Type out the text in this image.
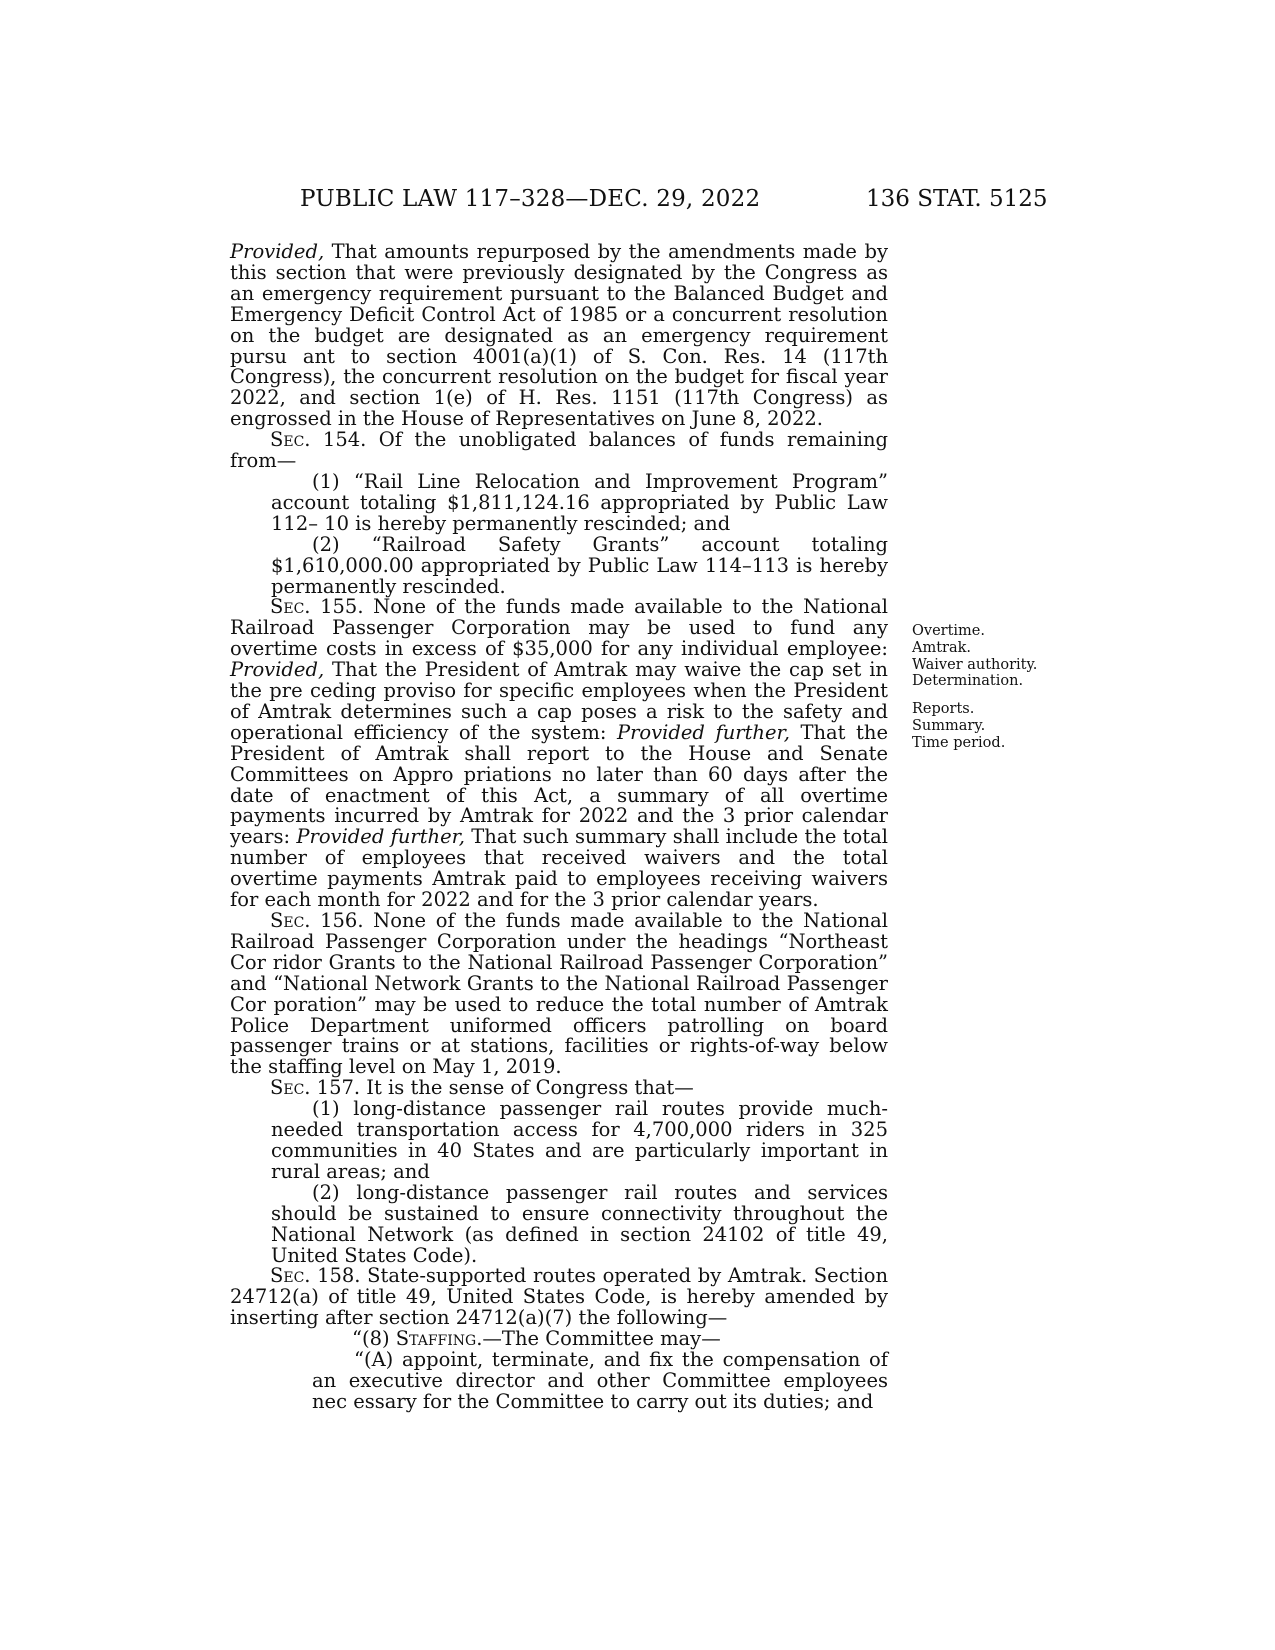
PUBLIC LAW 117–328—DEC. 29, 2022	136 STAT. 5125

Provided, That amounts repurposed by the amendments made by this section that were previously designated by the Congress as an emergency requirement pursuant to the Balanced Budget and Emergency Deficit Control Act of 1985 or a concurrent resolution on the budget are designated as an emergency requirement pursu ant to section 4001(a)(1) of S. Con. Res. 14 (117th Congress), the concurrent resolution on the budget for fiscal year 2022, and section 1(e) of H. Res. 1151 (117th Congress) as engrossed in the House of Representatives on June 8, 2022.

Sec. 154. Of the unobligated balances of funds remaining from—

(1) “Rail Line Relocation and Improvement Program” account totaling $1,811,124.16 appropriated by Public Law 112– 10 is hereby permanently rescinded; and

(2) “Railroad Safety Grants” account totaling $1,610,000.00 appropriated by Public Law 114–113 is hereby permanently rescinded.

Sec. 155. None of the funds made available to the National Railroad Passenger Corporation may be used to fund any overtime costs in excess of $35,000 for any individual employee: Provided, That the President of Amtrak may waive the cap set in the pre ceding proviso for specific employees when the President of Amtrak determines such a cap poses a risk to the safety and operational efficiency of the system: Provided further, That the President of Amtrak shall report to the House and Senate Committees on Appro priations no later than 60 days after the date of enactment of this Act, a summary of all overtime payments incurred by Amtrak for 2022 and the 3 prior calendar years: Provided further, That such summary shall include the total number of employees that received waivers and the total overtime payments Amtrak paid to employees receiving waivers for each month for 2022 and for the 3 prior calendar years.

Sec. 156. None of the funds made available to the National Railroad Passenger Corporation under the headings “Northeast Cor ridor Grants to the National Railroad Passenger Corporation” and “National Network Grants to the National Railroad Passenger Cor poration” may be used to reduce the total number of Amtrak Police Department uniformed officers patrolling on board passenger trains or at stations, facilities or rights-of-way below the staffing level on May 1, 2019.

Sec. 157. It is the sense of Congress that—

(1) long-distance passenger rail routes provide much-needed transportation access for 4,700,000 riders in 325 communities in 40 States and are particularly important in rural areas; and

(2) long-distance passenger rail routes and services should be sustained to ensure connectivity throughout the National Network (as defined in section 24102 of title 49, United States Code).

Sec. 158. State-supported routes operated by Amtrak. Section 24712(a) of title 49, United States Code, is hereby amended by inserting after section 24712(a)(7) the following—

“(8) Staffing.—The Committee may—

“(A) appoint, terminate, and fix the compensation of an executive director and other Committee employees nec essary for the Committee to carry out its duties; and

Overtime.
Amtrak.
Waiver authority.
Determination.
Reports.
Summary.
Time period.
